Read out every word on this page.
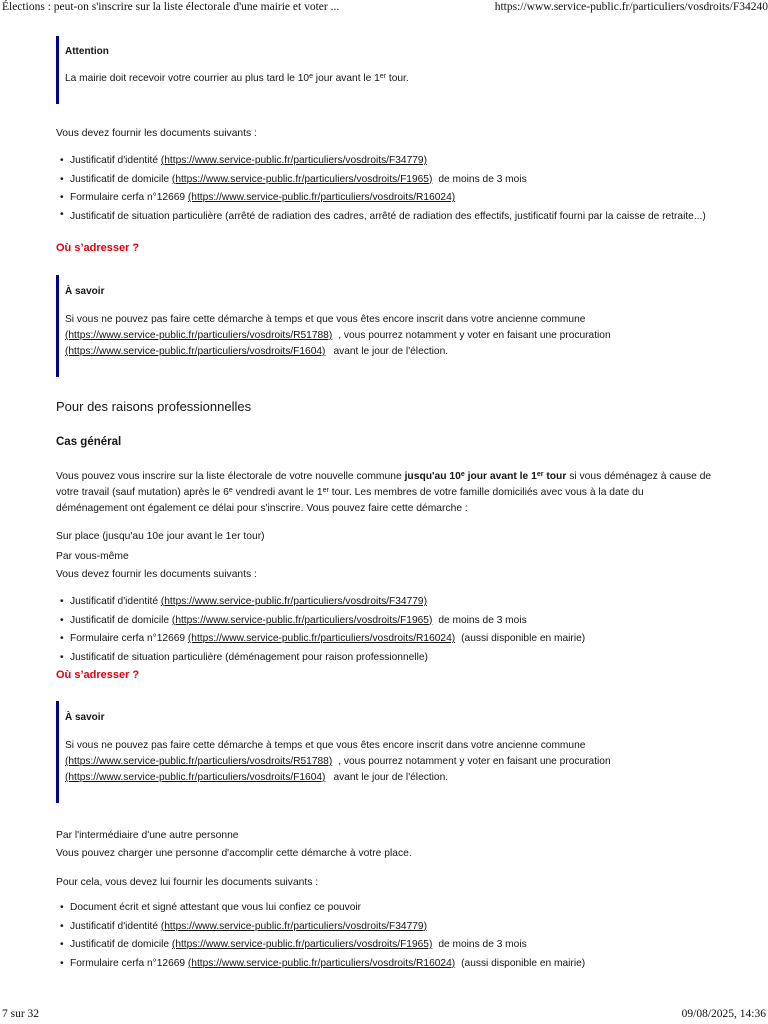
Élections : peut-on s'inscrire sur la liste électorale d'une mairie et voter ...	https://www.service-public.fr/particuliers/vosdroits/F34240
Attention
La mairie doit recevoir votre courrier au plus tard le 10e jour avant le 1er tour.
Vous devez fournir les documents suivants :
• Justificatif d'identité (https://www.service-public.fr/particuliers/vosdroits/F34779)
• Justificatif de domicile (https://www.service-public.fr/particuliers/vosdroits/F1965) de moins de 3 mois
• Formulaire cerfa n°12669 (https://www.service-public.fr/particuliers/vosdroits/R16024)
• Justificatif de situation particulière (arrêté de radiation des cadres, arrêté de radiation des effectifs, justificatif fourni par la caisse de retraite...)
Où s’adresser ?
À savoir
Si vous ne pouvez pas faire cette démarche à temps et que vous êtes encore inscrit dans votre ancienne commune
(https://www.service-public.fr/particuliers/vosdroits/R51788) , vous pourrez notamment y voter en faisant une procuration
(https://www.service-public.fr/particuliers/vosdroits/F1604) avant le jour de l'élection.
Pour des raisons professionnelles
Cas général
Vous pouvez vous inscrire sur la liste électorale de votre nouvelle commune jusqu'au 10e jour avant le 1er tour si vous déménagez à cause de votre travail (sauf mutation) après le 6e vendredi avant le 1er tour. Les membres de votre famille domiciliés avec vous à la date du déménagement ont également ce délai pour s'inscrire. Vous pouvez faire cette démarche :
Sur place (jusqu'au 10e jour avant le 1er tour)
Par vous-même
Vous devez fournir les documents suivants :
• Justificatif d'identité (https://www.service-public.fr/particuliers/vosdroits/F34779)
• Justificatif de domicile (https://www.service-public.fr/particuliers/vosdroits/F1965) de moins de 3 mois
• Formulaire cerfa n°12669 (https://www.service-public.fr/particuliers/vosdroits/R16024) (aussi disponible en mairie)
• Justificatif de situation particulière (déménagement pour raison professionnelle)
Où s’adresser ?
À savoir
Si vous ne pouvez pas faire cette démarche à temps et que vous êtes encore inscrit dans votre ancienne commune
(https://www.service-public.fr/particuliers/vosdroits/R51788) , vous pourrez notamment y voter en faisant une procuration
(https://www.service-public.fr/particuliers/vosdroits/F1604) avant le jour de l'élection.
Par l'intermédiaire d'une autre personne
Vous pouvez charger une personne d'accomplir cette démarche à votre place.
Pour cela, vous devez lui fournir les documents suivants :
• Document écrit et signé attestant que vous lui confiez ce pouvoir
• Justificatif d'identité (https://www.service-public.fr/particuliers/vosdroits/F34779)
• Justificatif de domicile (https://www.service-public.fr/particuliers/vosdroits/F1965) de moins de 3 mois
• Formulaire cerfa n°12669 (https://www.service-public.fr/particuliers/vosdroits/R16024) (aussi disponible en mairie)
7 sur 32	09/08/2025, 14:36
